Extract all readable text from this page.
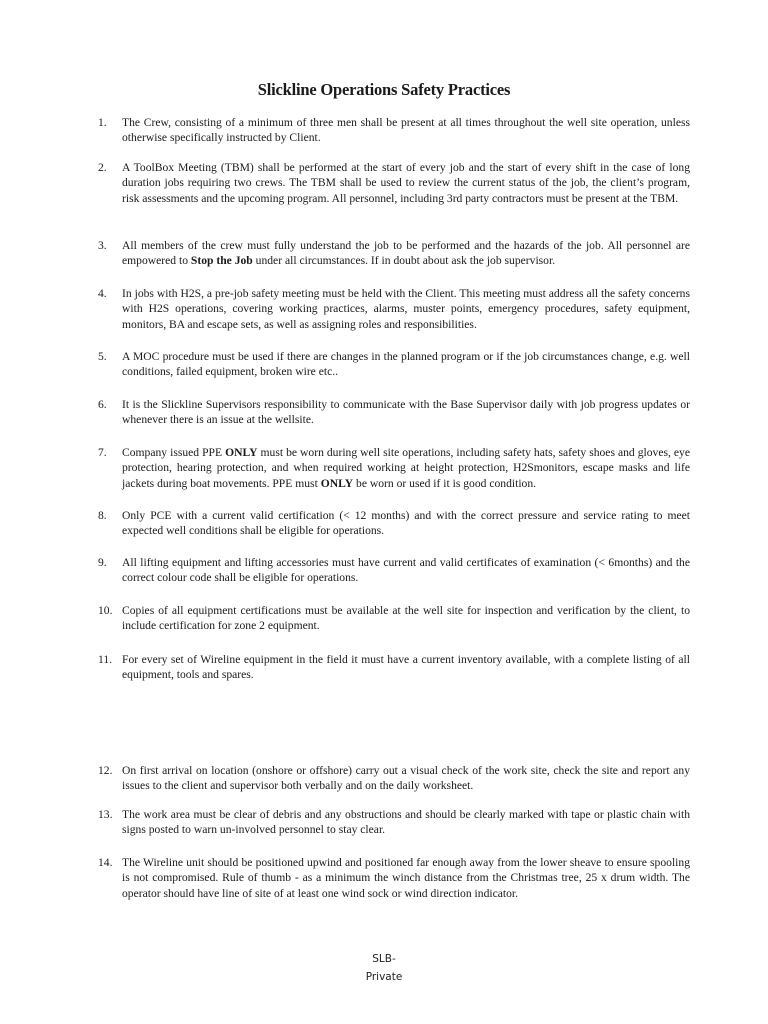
Slickline Operations Safety Practices
1. The Crew, consisting of a minimum of three men shall be present at all times throughout the well site operation, unless otherwise specifically instructed by Client.
2. A ToolBox Meeting (TBM) shall be performed at the start of every job and the start of every shift in the case of long duration jobs requiring two crews. The TBM shall be used to review the current status of the job, the client’s program, risk assessments and the upcoming program. All personnel, including 3rd party contractors must be present at the TBM.
3. All members of the crew must fully understand the job to be performed and the hazards of the job. All personnel are empowered to Stop the Job under all circumstances. If in doubt about ask the job supervisor.
4. In jobs with H2S, a pre-job safety meeting must be held with the Client. This meeting must address all the safety concerns with H2S operations, covering working practices, alarms, muster points, emergency procedures, safety equipment, monitors, BA and escape sets, as well as assigning roles and responsibilities.
5. A MOC procedure must be used if there are changes in the planned program or if the job circumstances change, e.g. well conditions, failed equipment, broken wire etc..
6. It is the Slickline Supervisors responsibility to communicate with the Base Supervisor daily with job progress updates or whenever there is an issue at the wellsite.
7. Company issued PPE ONLY must be worn during well site operations, including safety hats, safety shoes and gloves, eye protection, hearing protection, and when required working at height protection, H2Smonitors, escape masks and life jackets during boat movements. PPE must ONLY be worn or used if it is good condition.
8. Only PCE with a current valid certification (< 12 months) and with the correct pressure and service rating to meet expected well conditions shall be eligible for operations.
9. All lifting equipment and lifting accessories must have current and valid certificates of examination (< 6months) and the correct colour code shall be eligible for operations.
10. Copies of all equipment certifications must be available at the well site for inspection and verification by the client, to include certification for zone 2 equipment.
11. For every set of Wireline equipment in the field it must have a current inventory available, with a complete listing of all equipment, tools and spares.
12. On first arrival on location (onshore or offshore) carry out a visual check of the work site, check the site and report any issues to the client and supervisor both verbally and on the daily worksheet.
13. The work area must be clear of debris and any obstructions and should be clearly marked with tape or plastic chain with signs posted to warn un-involved personnel to stay clear.
14. The Wireline unit should be positioned upwind and positioned far enough away from the lower sheave to ensure spooling is not compromised. Rule of thumb - as a minimum the winch distance from the Christmas tree, 25 x drum width. The operator should have line of site of at least one wind sock or wind direction indicator.
SLB-
Private
